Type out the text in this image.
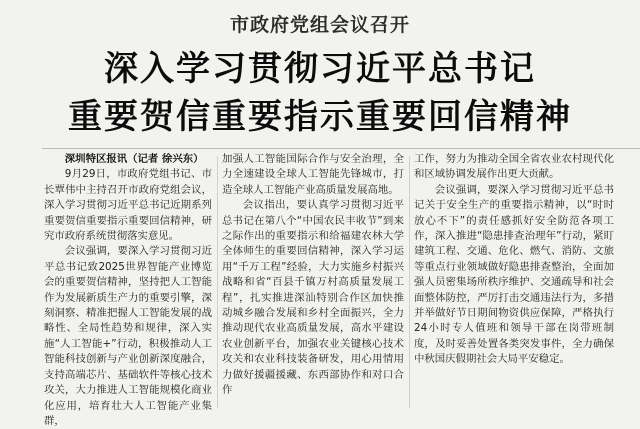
市政府党组会议召开
深入学习贯彻习近平总书记
重要贺信重要指示重要回信精神

深圳特区报讯（记者 徐兴东）

9月29日，市政府党组书记、市长覃伟中主持召开市政府党组会议，深入学习贯彻习近平总书记近期系列重要贺信重要指示重要回信精神，研究市政府系统贯彻落实意见。

会议强调，要深入学习贯彻习近平总书记致2025世界智能产业博览会的重要贺信精神，坚持把人工智能作为发展新质生产力的重要引擎，深刻洞察、精准把握人工智能发展的战略性、全局性趋势和规律，深入实施“人工智能+”行动，积极推动人工智能科技创新与产业创新深度融合，支持高端芯片、基础软件等核心技术攻关，大力推进人工智能规模化商业化应用，培育壮大人工智能产业集群，

加强人工智能国际合作与安全治理，全力全速建设全球人工智能先锋城市，打造全球人工智能产业高质量发展高地。

会议指出，要认真学习贯彻习近平总书记在第八个“中国农民丰收节”到来之际作出的重要指示和给福建农林大学全体师生的重要回信精神，深入学习运用“千万工程”经验，大力实施乡村振兴战略和省“百县千镇万村高质量发展工程”，扎实推进深汕特别合作区加快推动城乡融合发展和乡村全面振兴，全力推动现代农业高质量发展，高水平建设农业创新平台，加强农业关键核心技术攻关和农业科技装备研发，用心用情用力做好援疆援藏、东西部协作和对口合作

工作，努力为推动全国全省农业农村现代化和区域协调发展作出更大贡献。

会议强调，要深入学习贯彻习近平总书记关于安全生产的重要指示精神，以“时时放心不下”的责任感抓好安全防范各项工作，深入推进“隐患排查治理年”行动，紧盯建筑工程、交通、危化、燃气、消防、文旅等重点行业领域做好隐患排查整治，全面加强人员密集场所秩序维护、交通疏导和社会面整体防控，严厉打击交通违法行为，多措并举做好节日期间物资供应保障，严格执行24小时专人值班和领导干部在岗带班制度，及时妥善处置各类突发事件，全力确保中秋国庆假期社会大局平安稳定。
